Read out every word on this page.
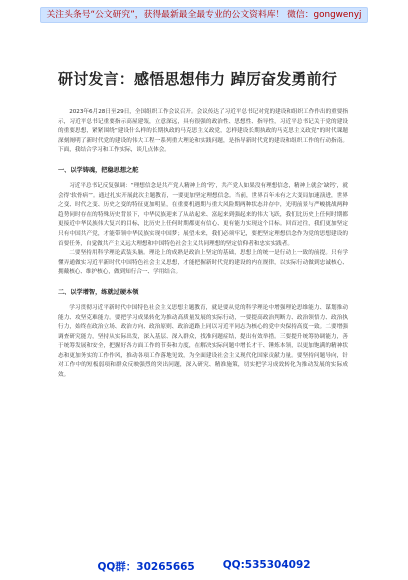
关注头条号“公文研究”，获得最新最全最专业的公文资料库！ 微信：gongwenyj
研讨发言：感悟思想伟力 踔厉奋发勇前行

2023年6月28日至29日，全国组织工作会议召开。会议传达了习近平总书记对党的建设和组织工作作出的重要指示，习近平总书记重要指示高屋建瓴，立意深远，具有很强的政治性、思想性、指导性，习近平总书记关于党的建设的重要思想，紧紧围绕“建设什么样的长期执政的马克思主义政党，怎样建设长期执政的马克思主义政党”的时代课题深刻阐明了新时代党的建设的伟大工程一系列重大理论和实践问题，是指导新时代党的建设和组织工作的行动指南。下面，我结合学习和工作实际，谈几点体会。

一、以学铸魂，把稳思想之舵

习近平总书记反复强调：“理想信念是共产党人精神上的‘钙’，共产党人如果没有理想信念，精神上就会‘缺钙’，就会得‘软骨病’”。通过扎实开展此次主题教育，一要更加坚定理想信念。当前，世界百年未有之大变局加速演进，世界之变、时代之变、历史之变的特征更加明显，在重要机遇期与重大风险期两种状态并存中，光明前景与严峻挑战两种趋势同时存在的特殊历史背景下，中华民族迎来了从站起来、富起来到强起来的伟大飞跃，我们比历史上任何时期都更接近中华民族伟大复兴的目标，比历史上任何时期都更有信心、更有能力实现这个目标。回首过往，我们更加坚定只有中国共产党，才能带领中华民族实现中国梦；展望未来，我们必须牢记，要把坚定理想信念作为党的思想建设的首要任务，自觉做共产主义远大理想和中国特色社会主义共同理想的坚定信仰者和忠实实践者。

二要坚持用科学理论武装头脑。理论上的成熟是政治上坚定的基础，思想上的统一是行动上一致的前提。只有学懂弄通做实习近平新时代中国特色社会主义思想，才能把握新时代党的建设的内在规律，以实际行动做到忠诚核心、拥戴核心、维护核心，做到知行合一、学用结合。

二、以学增智，练就过硬本领

学习贯彻习近平新时代中国特色社会主义思想主题教育，就是要从党的科学理论中增强理论思维能力、谋划推动能力、攻坚克难能力。要把学习成果转化为推动高质量发展的实际行动，一要提高政治判断力、政治领悟力、政治执行力，始终在政治立场、政治方向、政治原则、政治道路上同以习近平同志为核心的党中央保持高度一致。二要增强调查研究能力，坚持从实际出发，深入基层、深入群众，找准问题症结，提出有效举措。三要提升统筹协调能力，善于统筹发展和安全，把握好各方面工作的节奏和力度，在解决实际问题中增长才干、锤炼本领，以更加饱满的精神状态和更加务实的工作作风，推动各项工作落地见效，为全面建设社会主义现代化国家贡献力量。要坚持问题导向，针对工作中的短板弱项和群众反映强烈的突出问题，深入研究、精准施策，切实把学习成效转化为推动发展的实际成效。

QQ群：30265665	QQ:535304092
